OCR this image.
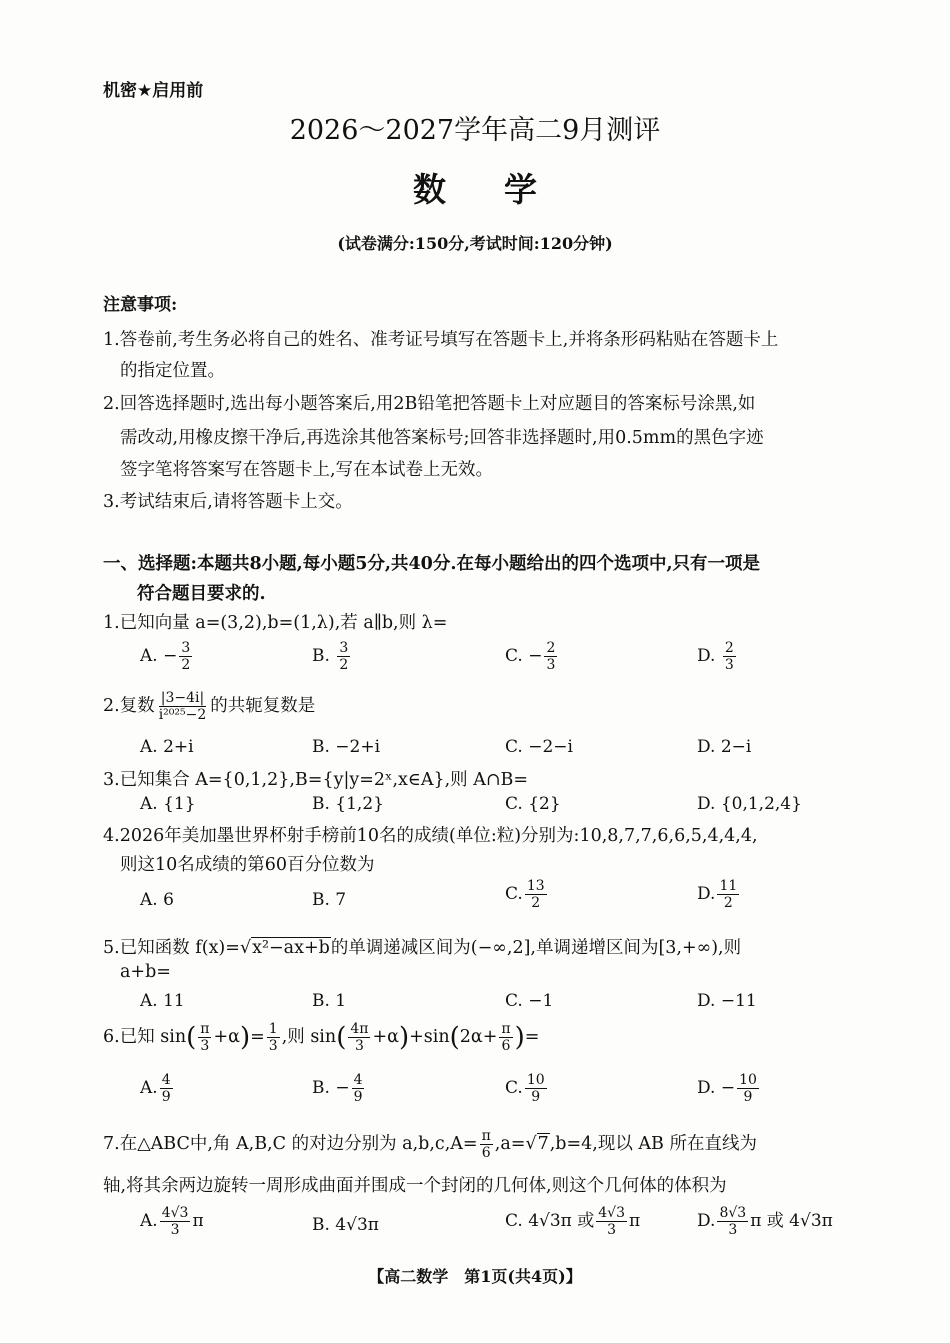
机密★启用前
2026～2027学年高二9月测评
数学
(试卷满分:150分,考试时间:120分钟)
注意事项:
1.答卷前,考生务必将自己的姓名、准考证号填写在答题卡上,并将条形码粘贴在答题卡上
的指定位置。
2.回答选择题时,选出每小题答案后,用2B铅笔把答题卡上对应题目的答案标号涂黑,如
需改动,用橡皮擦干净后,再选涂其他答案标号;回答非选择题时,用0.5mm的黑色字迹
签字笔将答案写在答题卡上,写在本试卷上无效。
3.考试结束后,请将答题卡上交。
一、选择题:本题共8小题,每小题5分,共40分.在每小题给出的四个选项中,只有一项是
符合题目要求的.
1.已知向量 a=(3,2),b=(1,λ),若 a∥b,则 λ=
A. − $\frac{3}{2}$	B. $\frac{3}{2}$	C. − $\frac{2}{3}$	D. $\frac{2}{3}$
2.复数 $\frac{|3-4i|}{\text{i²⁰²⁵−2}}$ 的共轭复数是
A. 2+i	B. −2+i	C. −2−i	D. 2−i
3.已知集合 A={0,1,2},B={y|y=2ˣ,x∈A},则 A∩B=
A. {1}	B. {1,2}	C. {2}	D. {0,1,2,4}
4.2026年美加墨世界杯射手榜前10名的成绩(单位:粒)分别为:10,8,7,7,6,6,5,4,4,4,
则这10名成绩的第60百分位数为
A. 6	B. 7	C. $\frac{13}{2}$	D. $\frac{11}{2}$
5.已知函数 f(x)=√x²−ax+b的单调递减区间为(−∞,2],单调递增区间为[3,+∞),则
a+b=
A. 11	B. 1	C. −1	D. −11
6.已知 $\sin( \frac{\pi}{3} +\alpha)= \frac{1}{3}$ ,则 $\sin( \frac{4\pi}{3} +\alpha)+\sin(2\alpha+ \frac{\pi}{6}$ )=
A. $\frac{4}{9}$	B. − $\frac{4}{9}$	C. $\frac{10}{9}$	D. − $\frac{10}{9}$
7.在△ABC中,角 A,B,C 的对边分别为 $a,b,c,A= \frac{\pi}{6} ,a=√7,b=4$,现以 AB 所在直线为
轴,将其余两边旋转一周形成曲面并围成一个封闭的几何体,则这个几何体的体积为
A. $\frac{4√3}{3}$ π	B. 4√3π	C. 4√3π 或 $\frac{4√3}{3}$ π	D. $\frac{8√3}{3}$ π 或 4√3π
【高二数学　第1页(共4页)】
